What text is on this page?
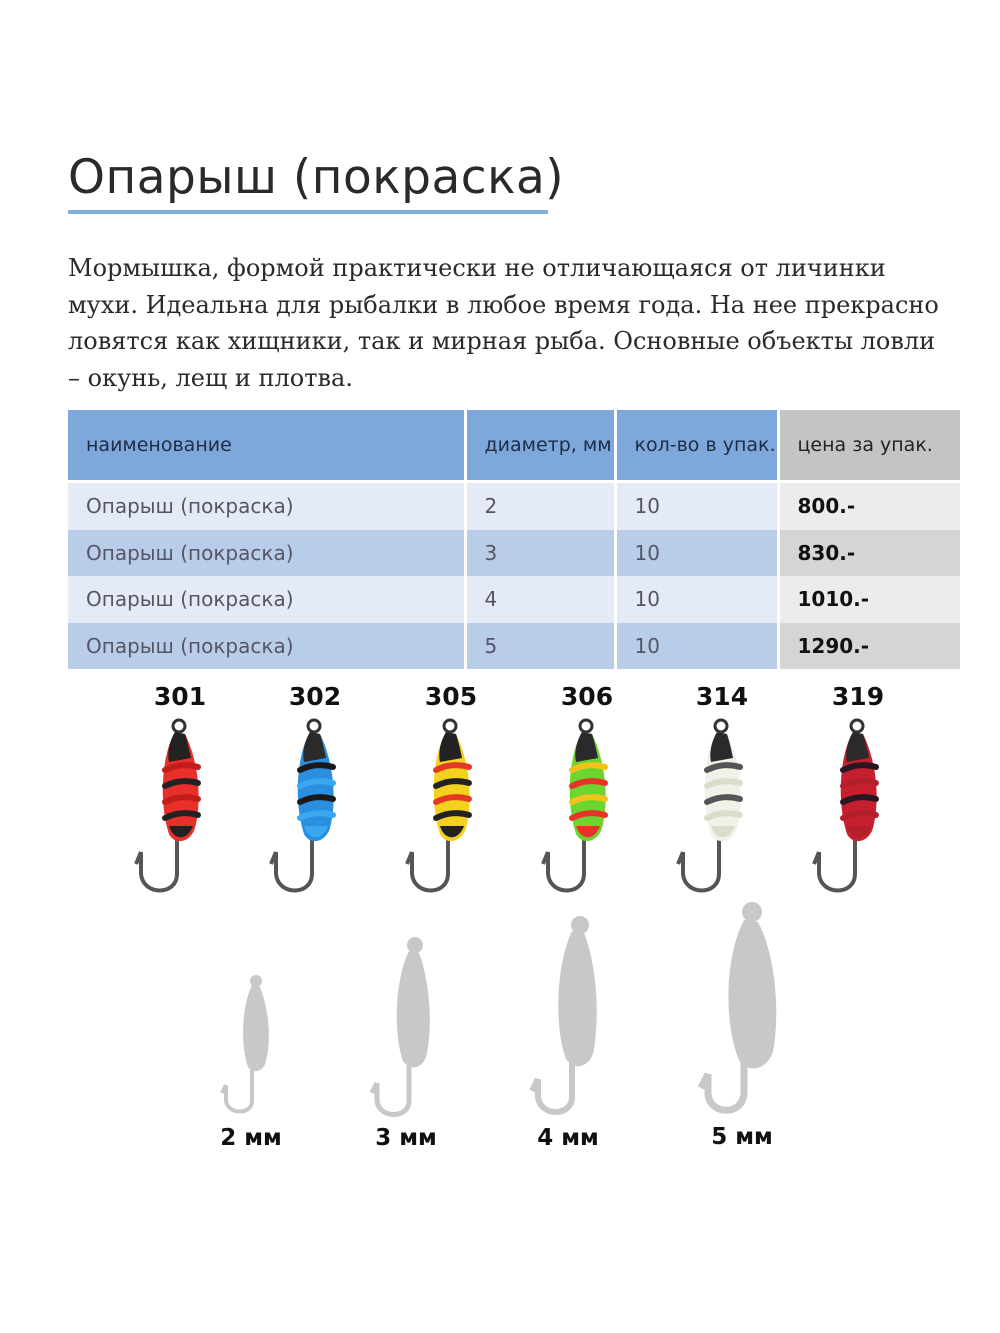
Опарыш (покраска)
Мормышка, формой практически не отличающаяся от личинки мухи. Идеальна для рыбалки в любое время года. На нее прекрасно ловятся как хищники, так и мирная рыба. Основные объекты ловли – окунь, лещ и плотва.
наименование	диаметр, мм	кол-во в упак.	цена за упак.
Опарыш (покраска)	2	10	800.-
Опарыш (покраска)	3	10	830.-
Опарыш (покраска)	4	10	1010.-
Опарыш (покраска)	5	10	1290.-
301	302	305	306	314	319
2 мм	3 мм	4 мм	5 мм
